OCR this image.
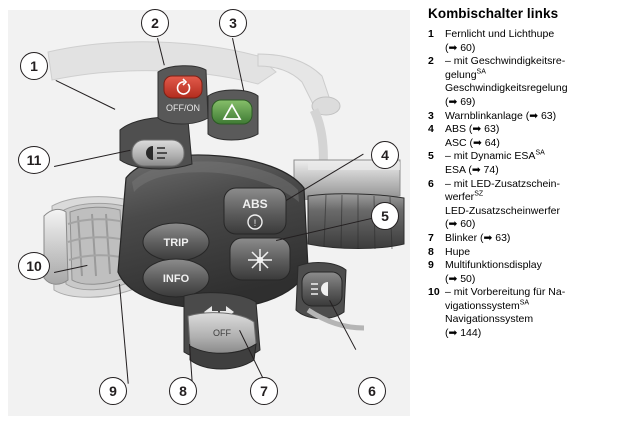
OFF/ON
ABS
!
TRIP
INFO
OFF
1
2	3
4
5
6
7
8
9
10
11
Kombischalter links
1	Fernlicht und Lichthupe
(➡ 60)
2	– mit Geschwindigkeitsre-
gelung$^{SA}$
Geschwindigkeitsregelung
(➡ 69)
3	Warnblinkanlage (➡ 63)
4	ABS (➡ 63)
ASC (➡ 64)
5	– mit Dynamic $ESA^{SA}$
ESA (➡ 74)
6	– mit LED-Zusatzschein-
werfer$^{SZ}$
LED-Zusatzscheinwerfer
(➡ 60)
7	Blinker (➡ 63)
8	Hupe
9	Multifunktionsdisplay
(➡ 50)
10 – mit Vorbereitung für Na-
vigationssystem$^{SA}$
Navigationssystem
(➡ 144)
